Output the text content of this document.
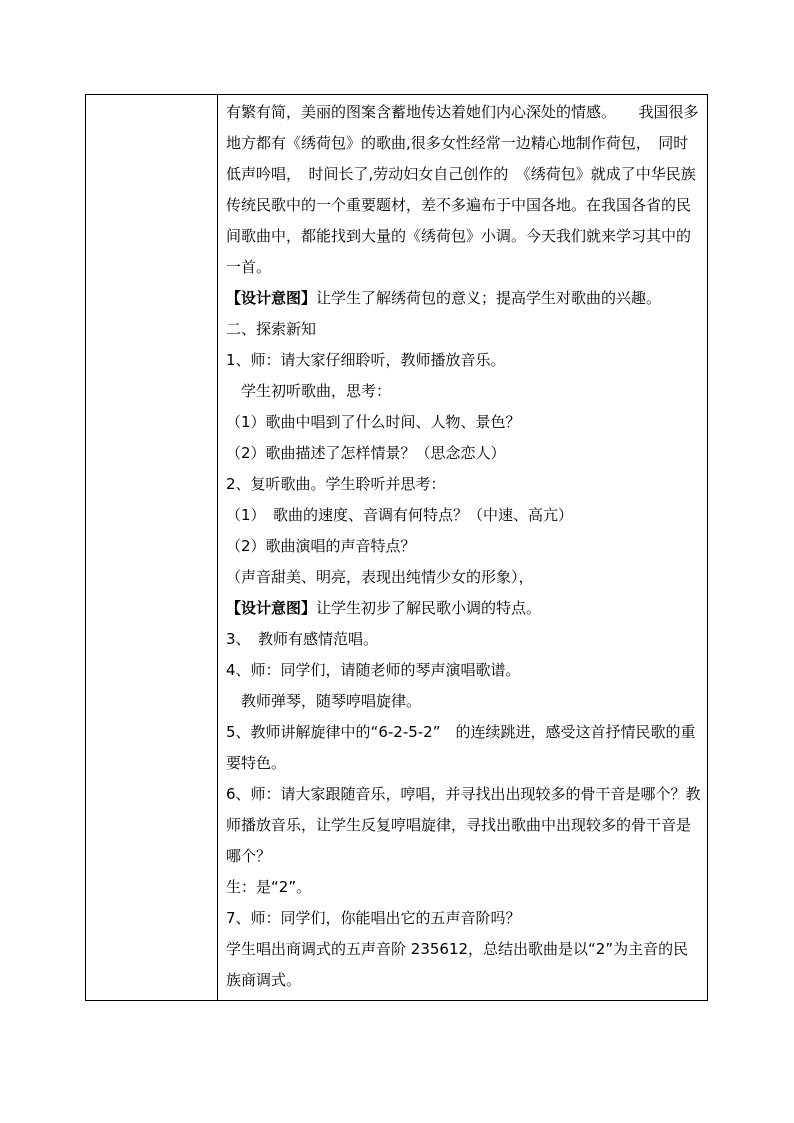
有繁有简，美丽的图案含蓄地传达着她们内心深处的情感。　　我国很多地方都有《绣荷包》的歌曲,很多女性经常一边精心地制作荷包，　同时低声吟唱，　时间长了,劳动妇女自己创作的　《绣荷包》就成了中华民族传统民歌中的一个重要题材，差不多遍布于中国各地。在我国各省的民间歌曲中，都能找到大量的《绣荷包》小调。今天我们就来学习其中的一首。

【设计意图】让学生了解绣荷包的意义；提高学生对歌曲的兴趣。

二、探索新知

1、师：请大家仔细聆听，教师播放音乐。

　学生初听歌曲，思考：

（1）歌曲中唱到了什么时间、人物、景色？

（2）歌曲描述了怎样情景？（思念恋人）

2、复听歌曲。学生聆听并思考：

（1）　歌曲的速度、音调有何特点？（中速、高亢）

（2）歌曲演唱的声音特点？

（声音甜美、明亮，表现出纯情少女的形象），

【设计意图】让学生初步了解民歌小调的特点。

3、　教师有感情范唱。

4、师：同学们，请随老师的琴声演唱歌谱。

　教师弹琴，随琴哼唱旋律。

5、教师讲解旋律中的“6-2-5-2”　的连续跳进，感受这首抒情民歌的重要特色。

6、师：请大家跟随音乐，哼唱，并寻找出出现较多的骨干音是哪个？教师播放音乐，让学生反复哼唱旋律，寻找出歌曲中出现较多的骨干音是哪个？

生：是“2”。

7、师：同学们，你能唱出它的五声音阶吗？

学生唱出商调式的五声音阶 235612，总结出歌曲是以“2”为主音的民族商调式。
